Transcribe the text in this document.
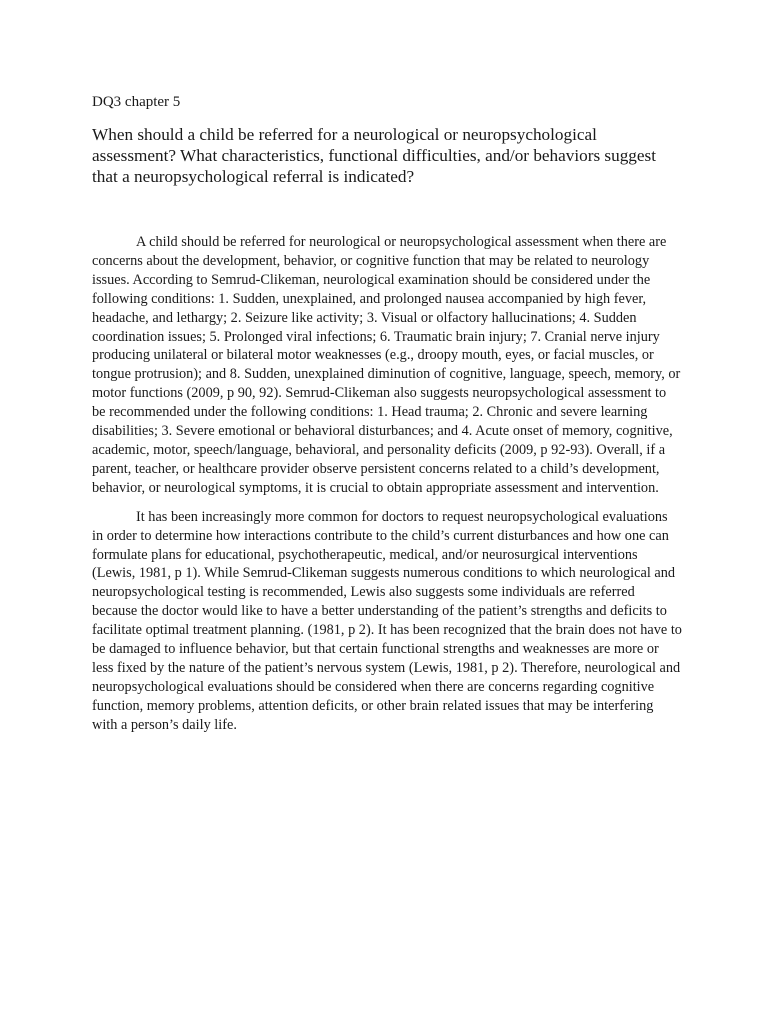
DQ3 chapter 5

When should a child be referred for a neurological or neuropsychological assessment? What characteristics, functional difficulties, and/or behaviors suggest that a neuropsychological referral is indicated?

A child should be referred for neurological or neuropsychological assessment when there are concerns about the development, behavior, or cognitive function that may be related to neurology issues. According to Semrud-Clikeman, neurological examination should be considered under the following conditions: 1. Sudden, unexplained, and prolonged nausea accompanied by high fever, headache, and lethargy; 2. Seizure like activity; 3. Visual or olfactory hallucinations; 4. Sudden coordination issues; 5. Prolonged viral infections; 6. Traumatic brain injury; 7. Cranial nerve injury producing unilateral or bilateral motor weaknesses (e.g., droopy mouth, eyes, or facial muscles, or tongue protrusion); and 8. Sudden, unexplained diminution of cognitive, language, speech, memory, or motor functions (2009, p 90, 92). Semrud-Clikeman also suggests neuropsychological assessment to be recommended under the following conditions: 1. Head trauma; 2. Chronic and severe learning disabilities; 3. Severe emotional or behavioral disturbances; and 4. Acute onset of memory, cognitive, academic, motor, speech/language, behavioral, and personality deficits (2009, p 92-93). Overall, if a parent, teacher, or healthcare provider observe persistent concerns related to a child’s development, behavior, or neurological symptoms, it is crucial to obtain appropriate assessment and intervention.

It has been increasingly more common for doctors to request neuropsychological evaluations in order to determine how interactions contribute to the child’s current disturbances and how one can formulate plans for educational, psychotherapeutic, medical, and/or neurosurgical interventions (Lewis, 1981, p 1). While Semrud-Clikeman suggests numerous conditions to which neurological and neuropsychological testing is recommended, Lewis also suggests some individuals are referred because the doctor would like to have a better understanding of the patient’s strengths and deficits to facilitate optimal treatment planning. (1981, p 2). It has been recognized that the brain does not have to be damaged to influence behavior, but that certain functional strengths and weaknesses are more or less fixed by the nature of the patient’s nervous system (Lewis, 1981, p 2). Therefore, neurological and neuropsychological evaluations should be considered when there are concerns regarding cognitive function, memory problems, attention deficits, or other brain related issues that may be interfering with a person’s daily life.
